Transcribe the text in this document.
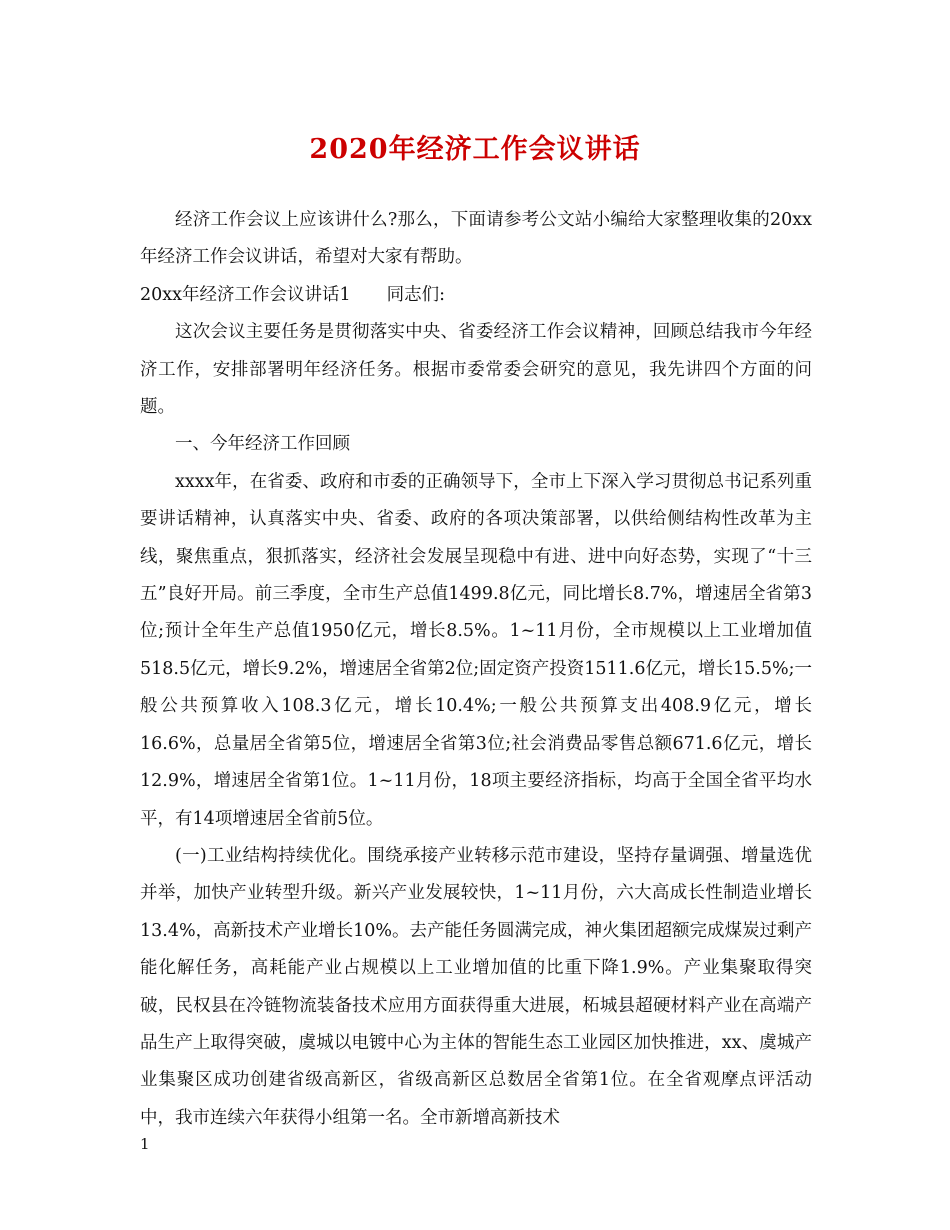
2020年经济工作会议讲话

经济工作会议上应该讲什么?那么，下面请参考公文站小编给大家整理收集的20xx年经济工作会议讲话，希望对大家有帮助。

20xx年经济工作会议讲话1 同志们:

这次会议主要任务是贯彻落实中央、省委经济工作会议精神，回顾总结我市今年经济工作，安排部署明年经济任务。根据市委常委会研究的意见，我先讲四个方面的问题。

一、今年经济工作回顾

xxxx年，在省委、政府和市委的正确领导下，全市上下深入学习贯彻总书记系列重要讲话精神，认真落实中央、省委、政府的各项决策部署，以供给侧结构性改革为主线，聚焦重点，狠抓落实，经济社会发展呈现稳中有进、进中向好态势，实现了“十三五”良好开局。前三季度，全市生产总值1499.8亿元，同比增长8.7%，增速居全省第3位;预计全年生产总值1950亿元，增长8.5%。1~11月份，全市规模以上工业增加值518.5亿元，增长9.2%，增速居全省第2位;固定资产投资1511.6亿元，增长15.5%;一般公共预算收入108.3亿元，增长10.4%;一般公共预算支出408.9亿元，增长16.6%，总量居全省第5位，增速居全省第3位;社会消费品零售总额671.6亿元，增长12.9%，增速居全省第1位。1~11月份，18项主要经济指标，均高于全国全省平均水平，有14项增速居全省前5位。

(一)工业结构持续优化。围绕承接产业转移示范市建设，坚持存量调强、增量选优并举，加快产业转型升级。新兴产业发展较快，1~11月份，六大高成长性制造业增长13.4%，高新技术产业增长10%。去产能任务圆满完成，神火集团超额完成煤炭过剩产能化解任务，高耗能产业占规模以上工业增加值的比重下降1.9%。产业集聚取得突破，民权县在冷链物流装备技术应用方面获得重大进展，柘城县超硬材料产业在高端产品生产上取得突破，虞城以电镀中心为主体的智能生态工业园区加快推进，xx、虞城产业集聚区成功创建省级高新区，省级高新区总数居全省第1位。在全省观摩点评活动中，我市连续六年获得小组第一名。全市新增高新技术

1
